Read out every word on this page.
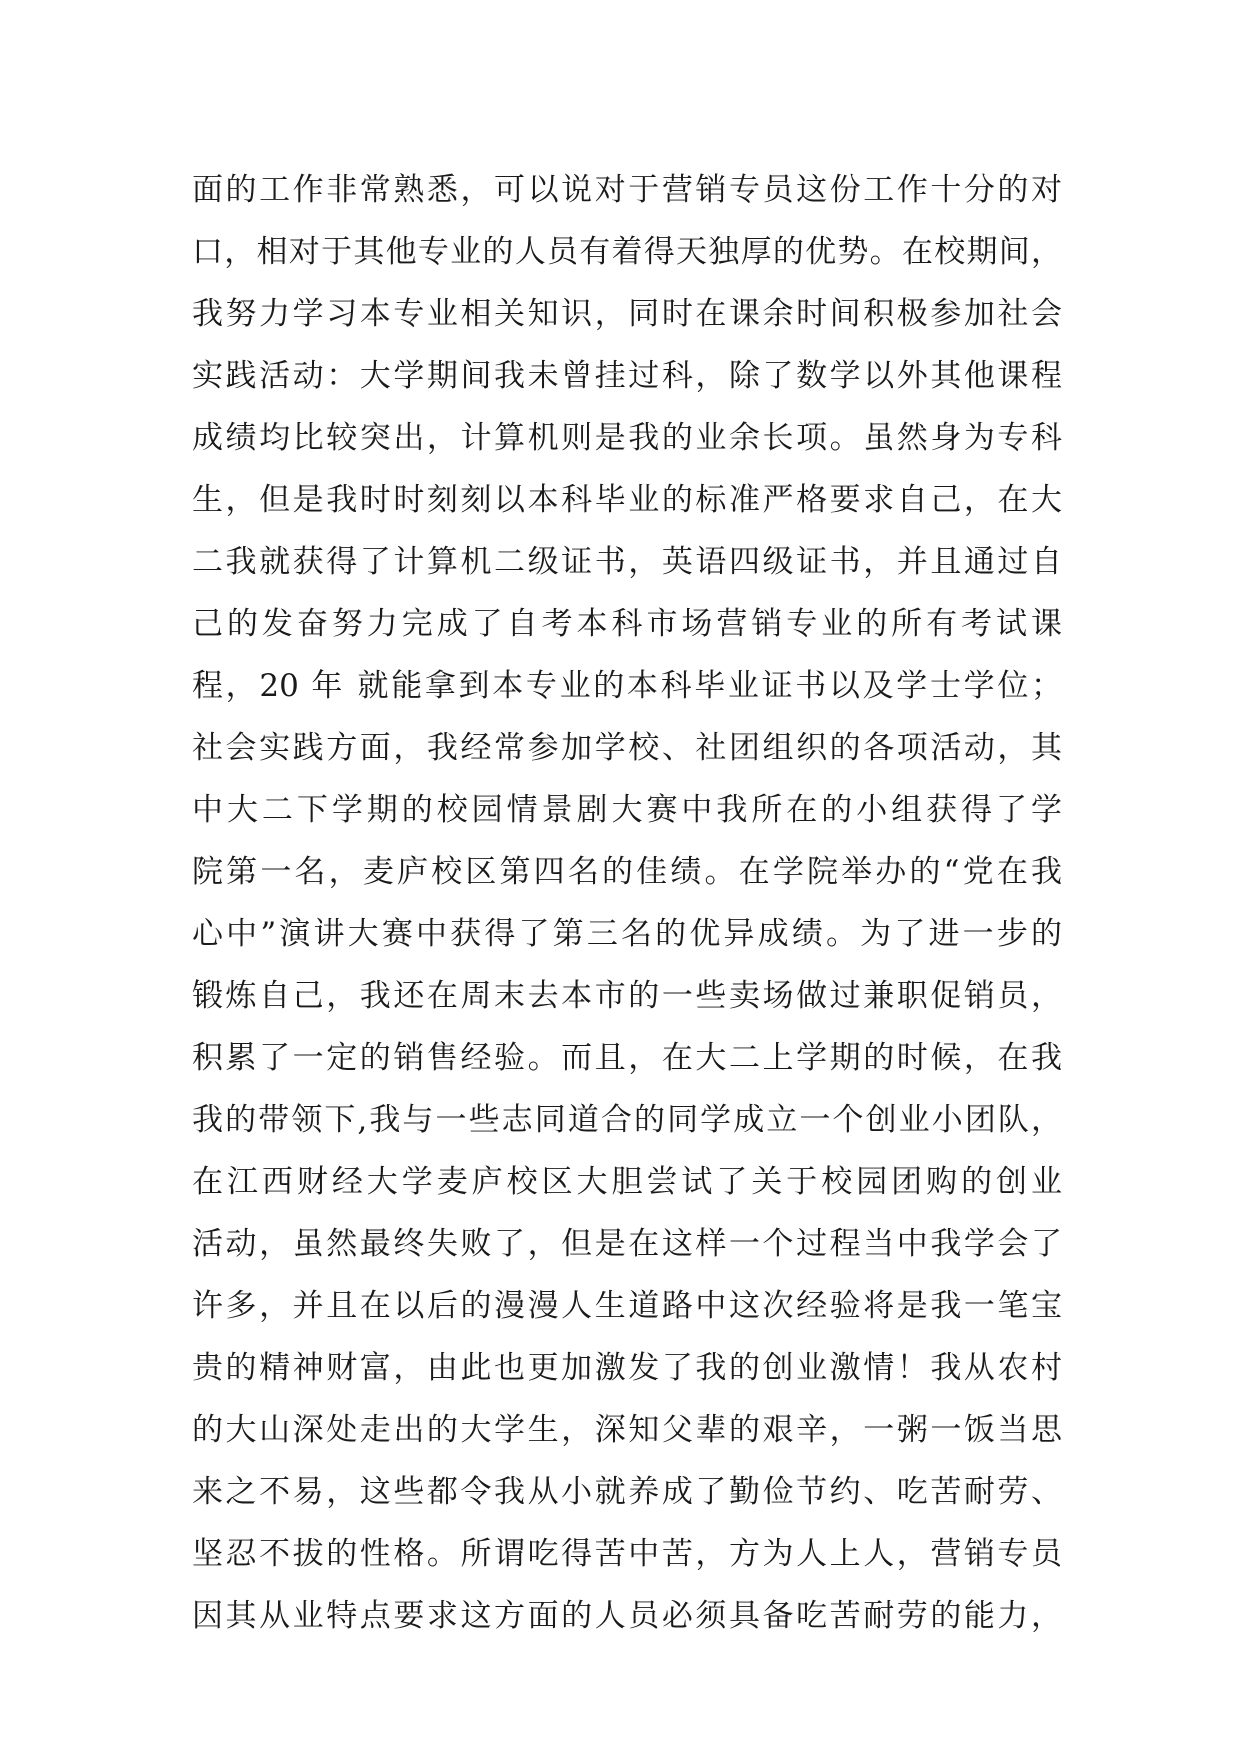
面的工作非常熟悉，可以说对于营销专员这份工作十分的对
口，相对于其他专业的人员有着得天独厚的优势。在校期间，
我努力学习本专业相关知识，同时在课余时间积极参加社会
实践活动：大学期间我未曾挂过科，除了数学以外其他课程
成绩均比较突出，计算机则是我的业余长项。虽然身为专科
生，但是我时时刻刻以本科毕业的标准严格要求自己，在大
二我就获得了计算机二级证书，英语四级证书，并且通过自
己的发奋努力完成了自考本科市场营销专业的所有考试课
程，20 年 就能拿到本专业的本科毕业证书以及学士学位；
社会实践方面，我经常参加学校、社团组织的各项活动，其
中大二下学期的校园情景剧大赛中我所在的小组获得了学
院第一名，麦庐校区第四名的佳绩。在学院举办的“党在我
心中”演讲大赛中获得了第三名的优异成绩。为了进一步的
锻炼自己，我还在周末去本市的一些卖场做过兼职促销员，
积累了一定的销售经验。而且，在大二上学期的时候，在我
我的带领下,我与一些志同道合的同学成立一个创业小团队，
在江西财经大学麦庐校区大胆尝试了关于校园团购的创业
活动，虽然最终失败了，但是在这样一个过程当中我学会了
许多，并且在以后的漫漫人生道路中这次经验将是我一笔宝
贵的精神财富，由此也更加激发了我的创业激情！我从农村
的大山深处走出的大学生，深知父辈的艰辛，一粥一饭当思
来之不易，这些都令我从小就养成了勤俭节约、吃苦耐劳、
坚忍不拔的性格。所谓吃得苦中苦，方为人上人，营销专员
因其从业特点要求这方面的人员必须具备吃苦耐劳的能力，
